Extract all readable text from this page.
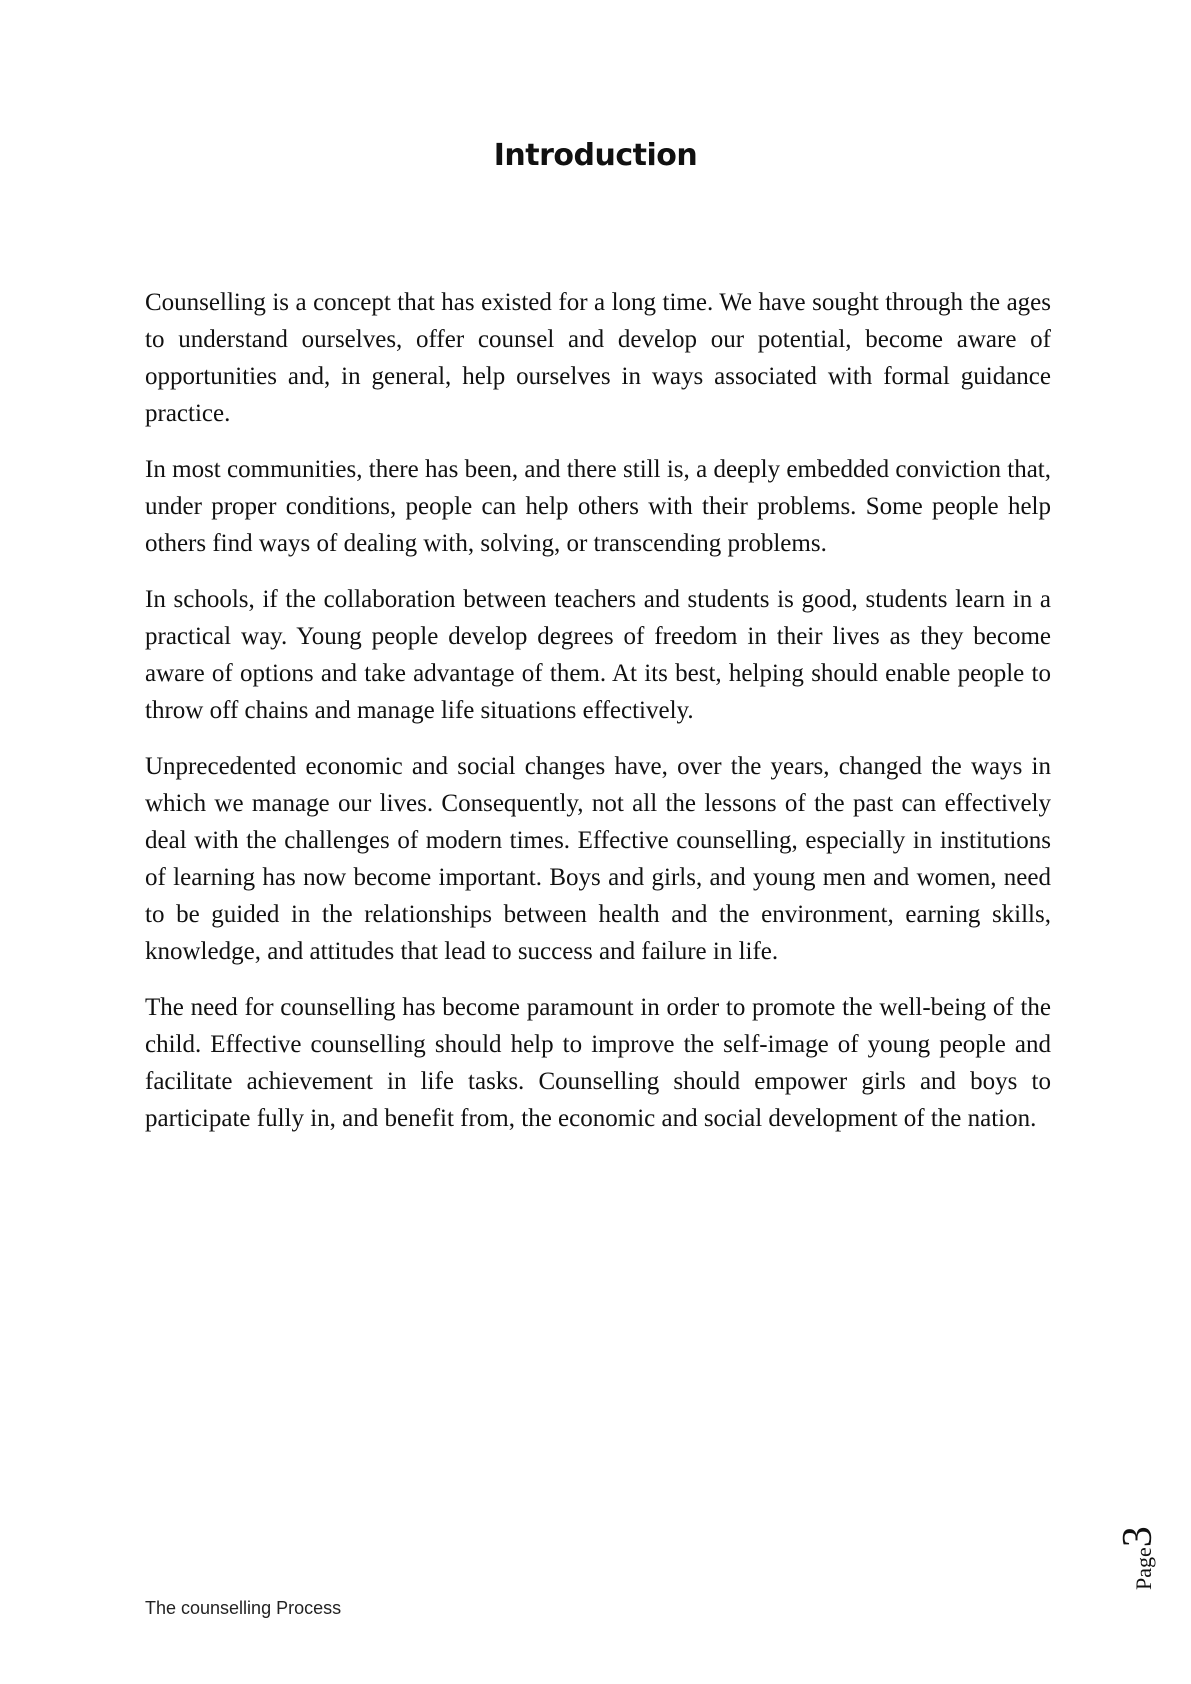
Introduction

Counselling is a concept that has existed for a long time. We have sought through the ages to understand ourselves, offer counsel and develop our potential, become aware of opportunities and, in general, help ourselves in ways associated with formal guidance practice.

In most communities, there has been, and there still is, a deeply embedded conviction that, under proper conditions, people can help others with their problems. Some people help others find ways of dealing with, solving, or transcending problems.

In schools, if the collaboration between teachers and students is good, students learn in a practical way. Young people develop degrees of freedom in their lives as they become aware of options and take advantage of them. At its best, helping should enable people to throw off chains and manage life situations effectively.

Unprecedented economic and social changes have, over the years, changed the ways in which we manage our lives. Consequently, not all the lessons of the past can effectively deal with the challenges of modern times. Effective counselling, especially in institutions of learning has now become important. Boys and girls, and young men and women, need to be guided in the relationships between health and the environment, earning skills, knowledge, and attitudes that lead to success and failure in life.

The need for counselling has become paramount in order to promote the well-being of the child. Effective counselling should help to improve the self-image of young people and facilitate achievement in life tasks. Counselling should empower girls and boys to participate fully in, and benefit from, the economic and social development of the nation.

Page3
The counselling Process
